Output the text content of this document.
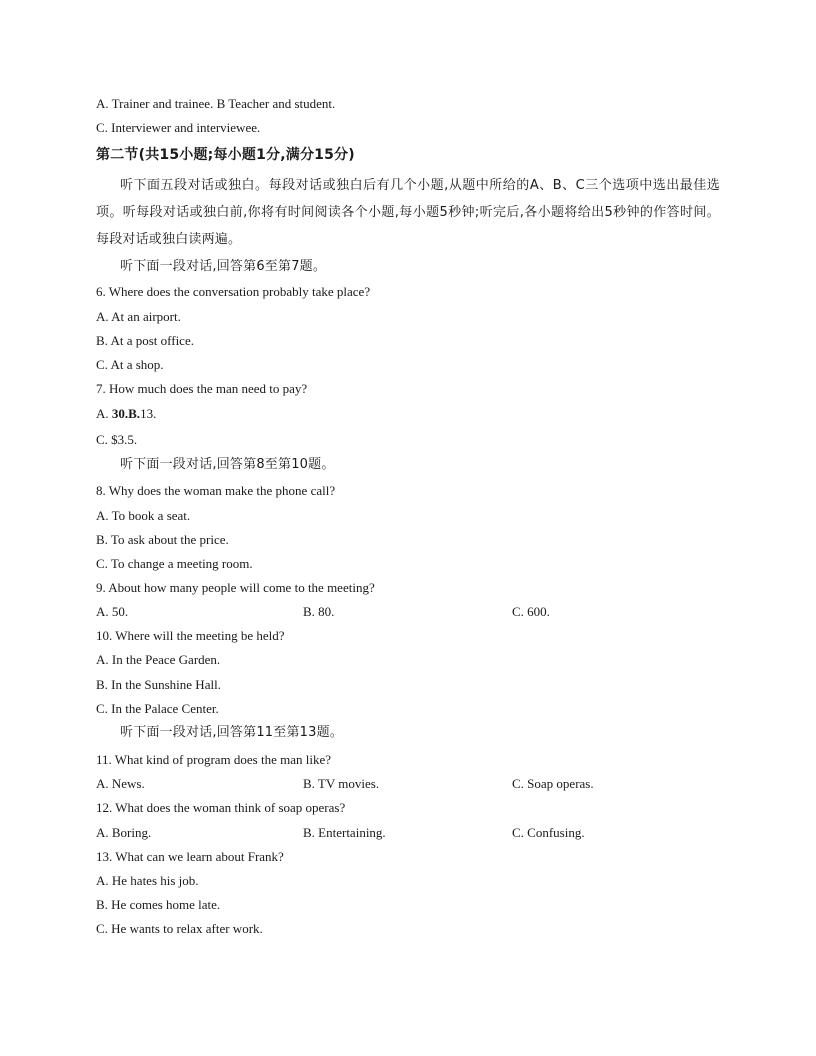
A. Trainer and trainee. B Teacher and student.
C. Interviewer and interviewee.
第二节(共15小题;每小题1分,满分15分)
听下面五段对话或独白。每段对话或独白后有几个小题,从题中所给的A、B、C三个选项中选出最佳选项。听每段对话或独白前,你将有时间阅读各个小题,每小题5秒钟;听完后,各小题将给出5秒钟的作答时间。每段对话或独白读两遍。
听下面一段对话,回答第6至第7题。
6. Where does the conversation probably take place?
A. At an airport.
B. At a post office.
C. At a shop.
7. How much does the man need to pay?
A. 30.B.13.
C. $3.5.
听下面一段对话,回答第8至第10题。
8. Why does the woman make the phone call?
A. To book a seat.
B. To ask about the price.
C. To change a meeting room.
9. About how many people will come to the meeting?
A. 50.	B. 80.	C. 600.
10. Where will the meeting be held?
A. In the Peace Garden.
B. In the Sunshine Hall.
C. In the Palace Center.
听下面一段对话,回答第11至第13题。
11. What kind of program does the man like?
A. News.	B. TV movies.	C. Soap operas.
12. What does the woman think of soap operas?
A. Boring.	B. Entertaining.	C. Confusing.
13. What can we learn about Frank?
A. He hates his job.
B. He comes home late.
C. He wants to relax after work.
